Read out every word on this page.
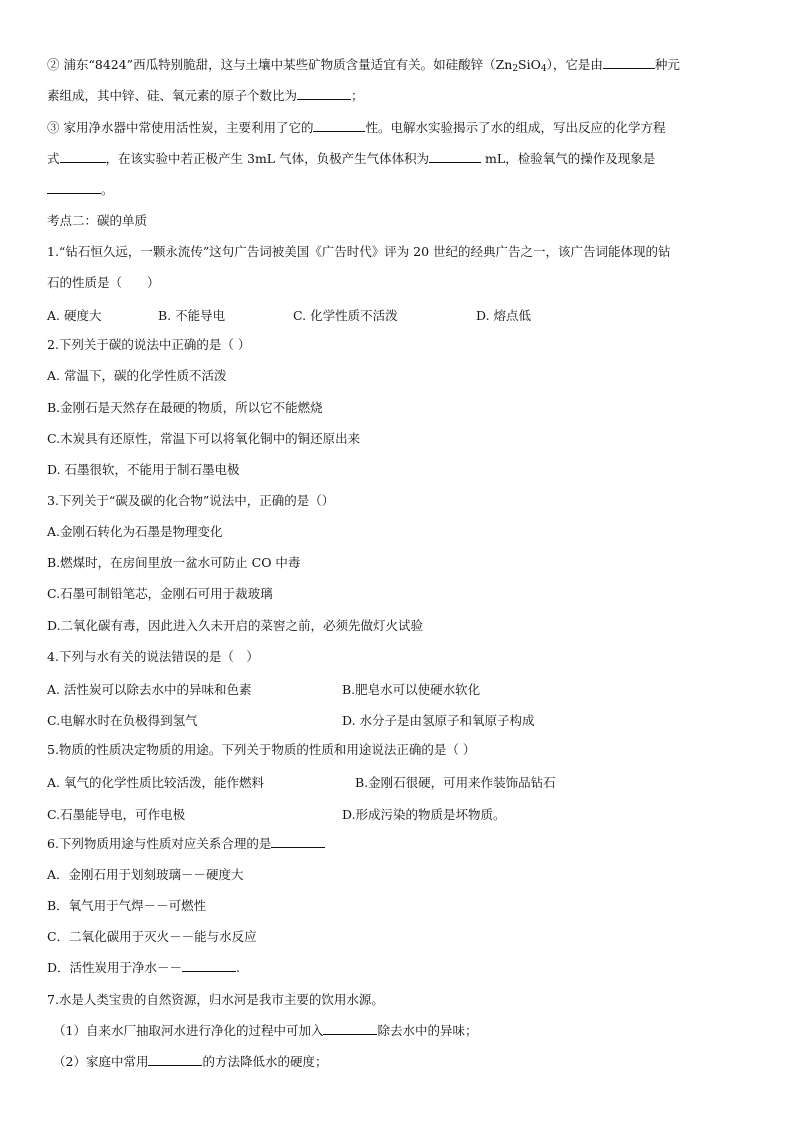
② 浦东“8424”西瓜特别脆甜，这与土壤中某些矿物质含量适宜有关。如硅酸锌$(Zn_2SiO_4)$，它是由	种元
素组成，其中锌、硅、氧元素的原子个数比为	；
③ 家用净水器中常使用活性炭，主要利用了它的	性。电解水实验揭示了水的组成，写出反应的化学方程
式	，在该实验中若正极产生 3mL 气体，负极产生气体体积为	mL，检验氧气的操作及现象是
。
考点二：碳的单质
1.“钻石恒久远，一颗永流传”这句广告词被美国《广告时代》评为 20 世纪的经典广告之一，该广告词能体现的钻
石的性质是（　　）
A. 硬度大	B. 不能导电	C. 化学性质不活泼	D. 熔点低
2.下列关于碳的说法中正确的是（ ）
A. 常温下，碳的化学性质不活泼
B.金刚石是天然存在最硬的物质，所以它不能燃烧
C.木炭具有还原性，常温下可以将氧化铜中的铜还原出来
D. 石墨很软，不能用于制石墨电极
3.下列关于“碳及碳的化合物”说法中，正确的是（）
A.金刚石转化为石墨是物理变化
B.燃煤时，在房间里放一盆水可防止 CO 中毒
C.石墨可制铅笔芯，金刚石可用于裁玻璃
D.二氧化碳有毒，因此进入久未开启的菜窖之前，必须先做灯火试验
4.下列与水有关的说法错误的是（　）
A. 活性炭可以除去水中的异味和色素	B.肥皂水可以使硬水软化
C.电解水时在负极得到氢气	D. 水分子是由氢原子和氧原子构成
5.物质的性质决定物质的用途。下列关于物质的性质和用途说法正确的是（ ）
A. 氧气的化学性质比较活泼，能作燃料	B.金刚石很硬，可用来作装饰品钻石
C.石墨能导电，可作电极	D.形成污染的物质是坏物质。
6.下列物质用途与性质对应关系合理的是
A．金刚石用于划刻玻璃－－硬度大
B．氧气用于气焊－－可燃性
C．二氧化碳用于灭火－－能与水反应
D．活性炭用于净水－－	.
7.水是人类宝贵的自然资源，归水河是我市主要的饮用水源。
（1）自来水厂抽取河水进行净化的过程中可加入	除去水中的异味；
（2）家庭中常用	的方法降低水的硬度；
